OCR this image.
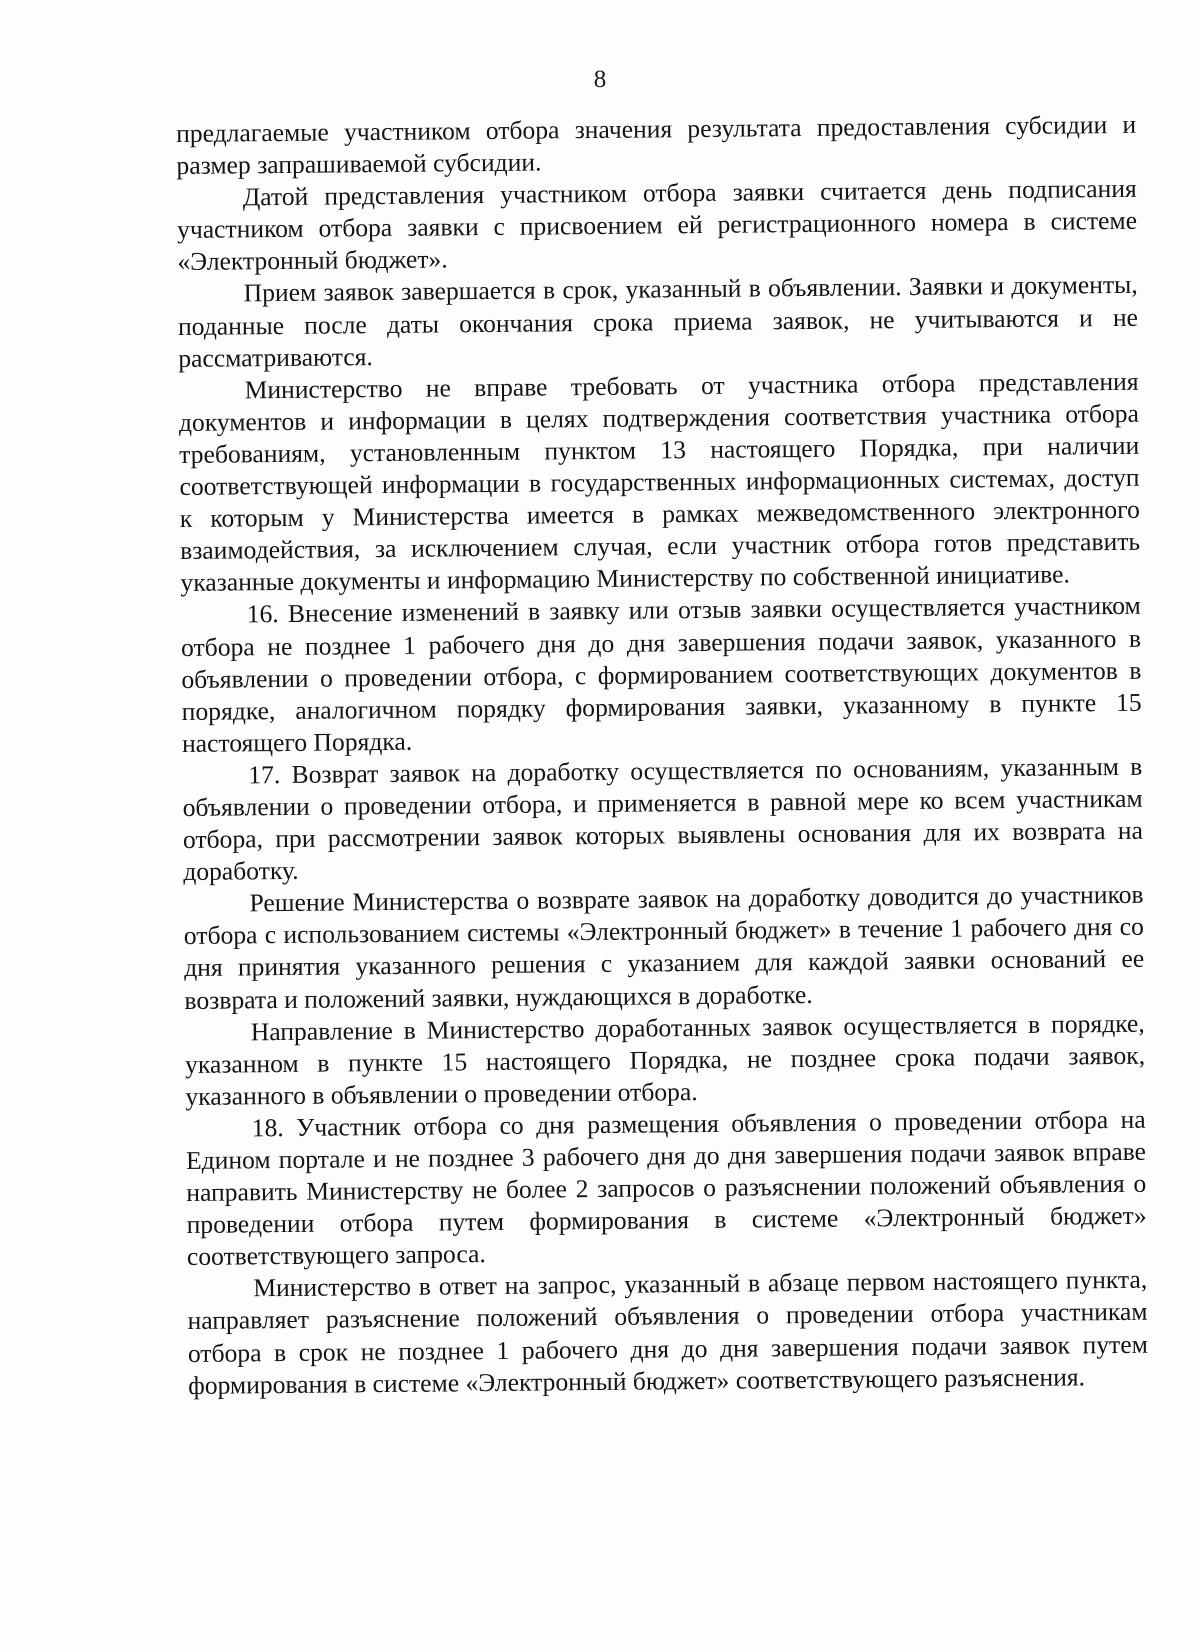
8

предлагаемые участником отбора значения результата предоставления субсидии и размер запрашиваемой субсидии.

Датой представления участником отбора заявки считается день подписания участником отбора заявки с присвоением ей регистрационного номера в системе «Электронный бюджет».

Прием заявок завершается в срок, указанный в объявлении. Заявки и документы, поданные после даты окончания срока приема заявок, не учитываются и не рассматриваются.

Министерство не вправе требовать от участника отбора представления документов и информации в целях подтверждения соответствия участника отбора требованиям, установленным пунктом 13 настоящего Порядка, при наличии соответствующей информации в государственных информационных системах, доступ к которым у Министерства имеется в рамках межведомственного электронного взаимодействия, за исключением случая, если участник отбора готов представить указанные документы и информацию Министерству по собственной инициативе.

16. Внесение изменений в заявку или отзыв заявки осуществляется участником отбора не позднее 1 рабочего дня до дня завершения подачи заявок, указанного в объявлении о проведении отбора, с формированием соответствующих документов в порядке, аналогичном порядку формирования заявки, указанному в пункте 15 настоящего Порядка.

17. Возврат заявок на доработку осуществляется по основаниям, указанным в объявлении о проведении отбора, и применяется в равной мере ко всем участникам отбора, при рассмотрении заявок которых выявлены основания для их возврата на доработку.

Решение Министерства о возврате заявок на доработку доводится до участников отбора с использованием системы «Электронный бюджет» в течение 1 рабочего дня со дня принятия указанного решения с указанием для каждой заявки оснований ее возврата и положений заявки, нуждающихся в доработке.

Направление в Министерство доработанных заявок осуществляется в порядке, указанном в пункте 15 настоящего Порядка, не позднее срока подачи заявок, указанного в объявлении о проведении отбора.

18. Участник отбора со дня размещения объявления о проведении отбора на Едином портале и не позднее 3 рабочего дня до дня завершения подачи заявок вправе направить Министерству не более 2 запросов о разъяснении положений объявления о проведении отбора путем формирования в системе «Электронный бюджет» соответствующего запроса.

Министерство в ответ на запрос, указанный в абзаце первом настоящего пункта, направляет разъяснение положений объявления о проведении отбора участникам отбора в срок не позднее 1 рабочего дня до дня завершения подачи заявок путем формирования в системе «Электронный бюджет» соответствующего разъяснения.
